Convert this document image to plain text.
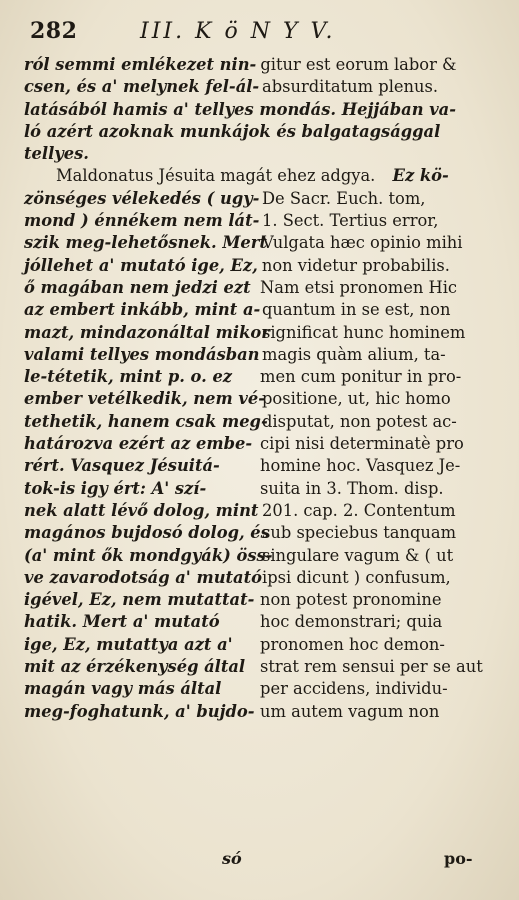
282	III. K ö N Y V.
ról semmi emlékezet nin- gitur est eorum labor &
csen, és a' melynek fel-ál- absurditatum plenus.
latásából hamis a' tellyes mondás. Hejjában va-
ló azért azoknak munkájok és balgatagsággal
tellyes.
Maldonatus Jésuita magát ehez adgya. Ez kö-
zönséges vélekedés ( ugy- De Sacr. Euch. tom,
mond ) énnékem nem lát- 1. Sect. Tertius error,
szik meg-lehetősnek. Mert
Vulgata hæc opinio mihi
jóllehet a' mutató ige, Ez, non videtur probabilis.
ő magában nem jedzi ezt Nam etsi pronomen Hic
az embert inkább, mint a- quantum in se est, non
mazt, mindazonáltal mikor
significat hunc hominem
valami tellyes mondásban magis quàm alium, ta-
le-tétetik, mint p. o. ez	men cum ponitur in pro-
ember vetélkedik, nem vé-
positione, ut, hic homo
tethetik, hanem csak meg-
disputat, non potest ac-
határozva ezért az embe- cipi nisi determinatè pro
rért. Vasquez Jésuitá-	homine hoc. Vasquez Je-
tok-is igy ért: A' szí-	suita in 3. Thom. disp.
nek alatt lévő dolog, mint 201. cap. 2. Contentum
magános bujdosó dolog, és
sub speciebus tanquam
(a' mint ők mondgyák) öss-
singulare vagum & ( ut
ve zavarodotság a' mutató ipsi dicunt ) confusum,
igével, Ez, nem mutattat- non potest pronomine
hatik. Mert a' mutató	hoc demonstrari; quia
ige, Ez, mutattya azt a'	pronomen hoc demon-
mit az érzékenység által strat rem sensui per se aut
magán vagy más által	per accidens, individu-
meg-foghatunk, a' bujdo- um autem vagum non
só	po-
